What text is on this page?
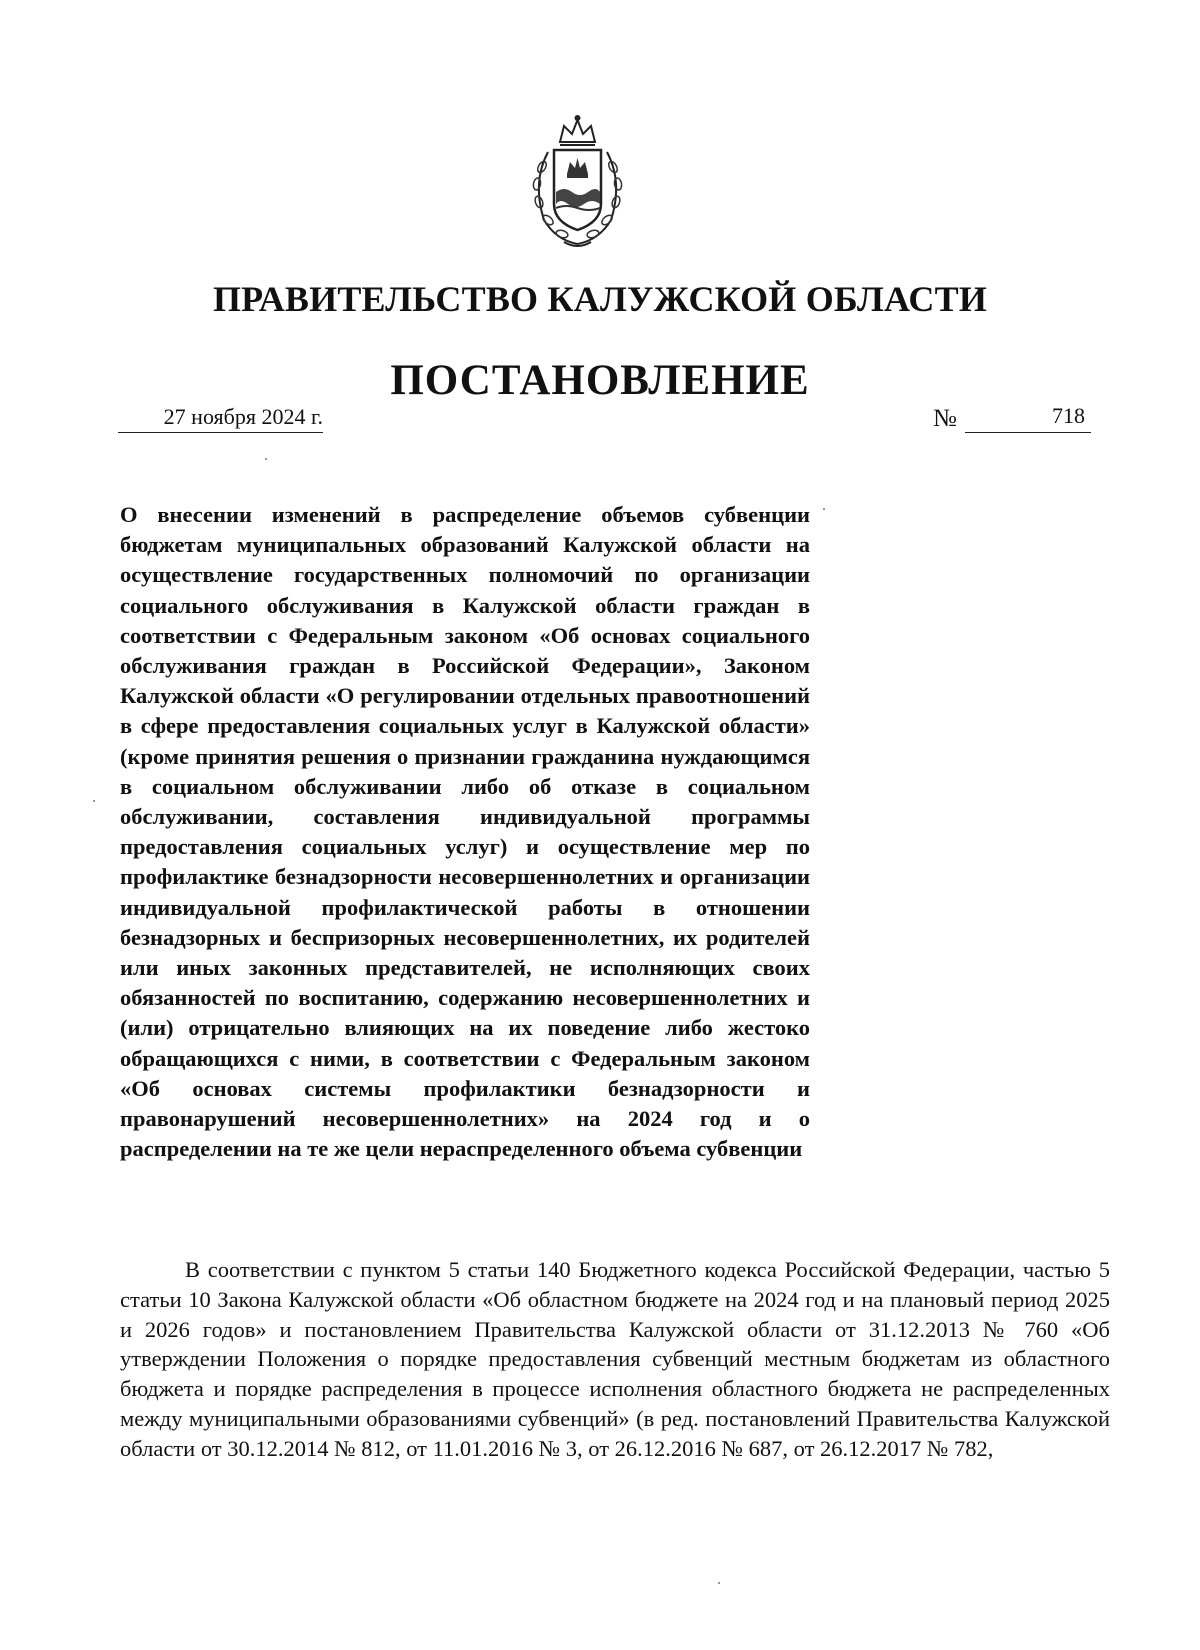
ПРАВИТЕЛЬСТВО КАЛУЖСКОЙ ОБЛАСТИ
ПОСТАНОВЛЕНИЕ
27 ноября 2024 г.	№	718
О внесении изменений в распределение объемов субвенции бюджетам муниципальных образований Калужской области на осуществление государственных полномочий по организации социального обслуживания в Калужской области граждан в соответствии с Федеральным законом «Об основах социального обслуживания граждан в Российской Федерации», Законом Калужской области «О регулировании отдельных правоотношений в сфере предоставления социальных услуг в Калужской области» (кроме принятия решения о признании гражданина нуждающимся в социальном обслуживании либо об отказе в социальном обслуживании, составления индивидуальной программы предоставления социальных услуг) и осуществление мер по профилактике безнадзорности несовершеннолетних и организации индивидуальной профилактической работы в отношении безнадзорных и беспризорных несовершеннолетних, их родителей или иных законных представителей, не исполняющих своих обязанностей по воспитанию, содержанию несовершеннолетних и (или) отрицательно влияющих на их поведение либо жестоко обращающихся с ними, в соответствии с Федеральным законом «Об основах системы профилактики безнадзорности и правонарушений несовершеннолетних» на 2024 год и о распределении на те же цели нераспределенного объема субвенции
В соответствии с пунктом 5 статьи 140 Бюджетного кодекса Российской Федерации, частью 5 статьи 10 Закона Калужской области «Об областном бюджете на 2024 год и на плановый период 2025 и 2026 годов» и постановлением Правительства Калужской области от 31.12.2013 № 760 «Об утверждении Положения о порядке предоставления субвенций местным бюджетам из областного бюджета и порядке распределения в процессе исполнения областного бюджета не распределенных между муниципальными образованиями субвенций» (в ред. постановлений Правительства Калужской области от 30.12.2014 № 812, от 11.01.2016 № 3, от 26.12.2016 № 687, от 26.12.2017 № 782,
